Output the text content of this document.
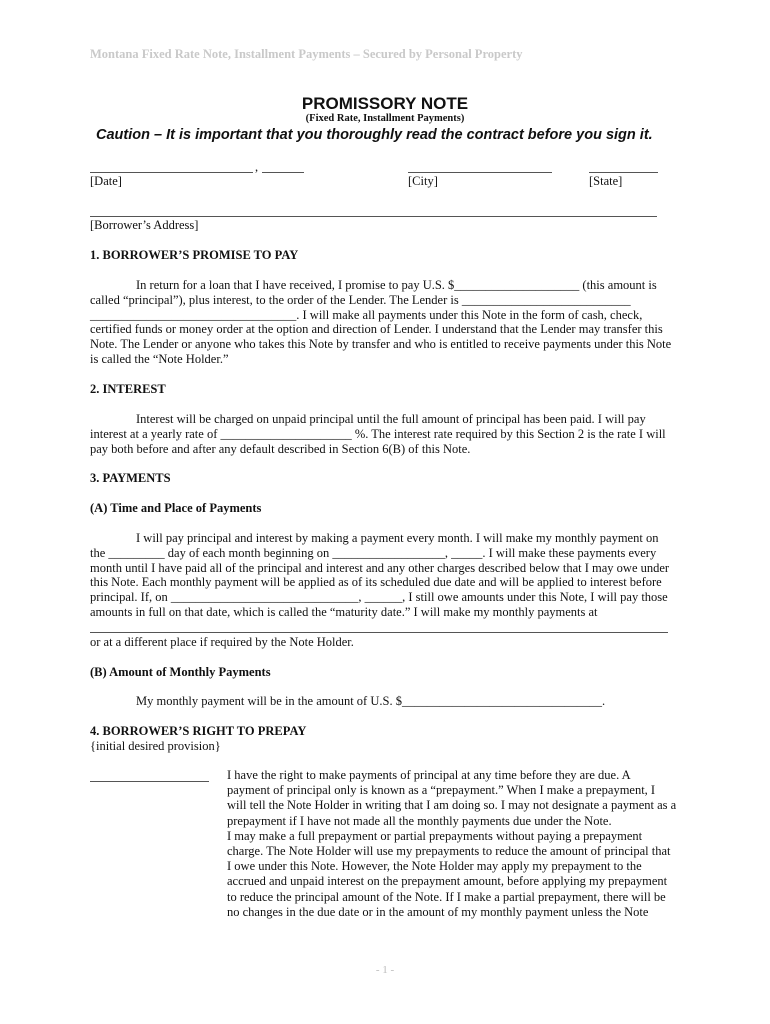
Montana Fixed Rate Note, Installment Payments – Secured by Personal Property
PROMISSORY NOTE
(Fixed Rate, Installment Payments)
Caution – It is important that you thoroughly read the contract before you sign it.
,
[Date]	[City]	[State]
[Borrower’s Address]
1. BORROWER’S PROMISE TO PAY
In return for a loan that I have received, I promise to pay U.S. $____________________ (this amount is
called “principal”), plus interest, to the order of the Lender. The Lender is ___________________________
_________________________________. I will make all payments under this Note in the form of cash, check,
certified funds or money order at the option and direction of Lender. I understand that the Lender may transfer this
Note. The Lender or anyone who takes this Note by transfer and who is entitled to receive payments under this Note
is called the “Note Holder.”
2. INTEREST
Interest will be charged on unpaid principal until the full amount of principal has been paid. I will pay
interest at a yearly rate of _____________________ %. The interest rate required by this Section 2 is the rate I will
pay both before and after any default described in Section 6(B) of this Note.
3. PAYMENTS
(A) Time and Place of Payments
I will pay principal and interest by making a payment every month. I will make my monthly payment on
the _________ day of each month beginning on __________________, _____. I will make these payments every
month until I have paid all of the principal and interest and any other charges described below that I may owe under
this Note. Each monthly payment will be applied as of its scheduled due date and will be applied to interest before
principal. If, on ______________________________, ______, I still owe amounts under this Note, I will pay those
amounts in full on that date, which is called the “maturity date.” I will make my monthly payments at
or at a different place if required by the Note Holder.
(B) Amount of Monthly Payments
My monthly payment will be in the amount of U.S. $________________________________.
4. BORROWER’S RIGHT TO PREPAY
{initial desired provision}
I have the right to make payments of principal at any time before they are due. A
payment of principal only is known as a “prepayment.” When I make a prepayment, I
will tell the Note Holder in writing that I am doing so. I may not designate a payment as a
prepayment if I have not made all the monthly payments due under the Note.
I may make a full prepayment or partial prepayments without paying a prepayment
charge. The Note Holder will use my prepayments to reduce the amount of principal that
I owe under this Note. However, the Note Holder may apply my prepayment to the
accrued and unpaid interest on the prepayment amount, before applying my prepayment
to reduce the principal amount of the Note. If I make a partial prepayment, there will be
no changes in the due date or in the amount of my monthly payment unless the Note
- 1 -
